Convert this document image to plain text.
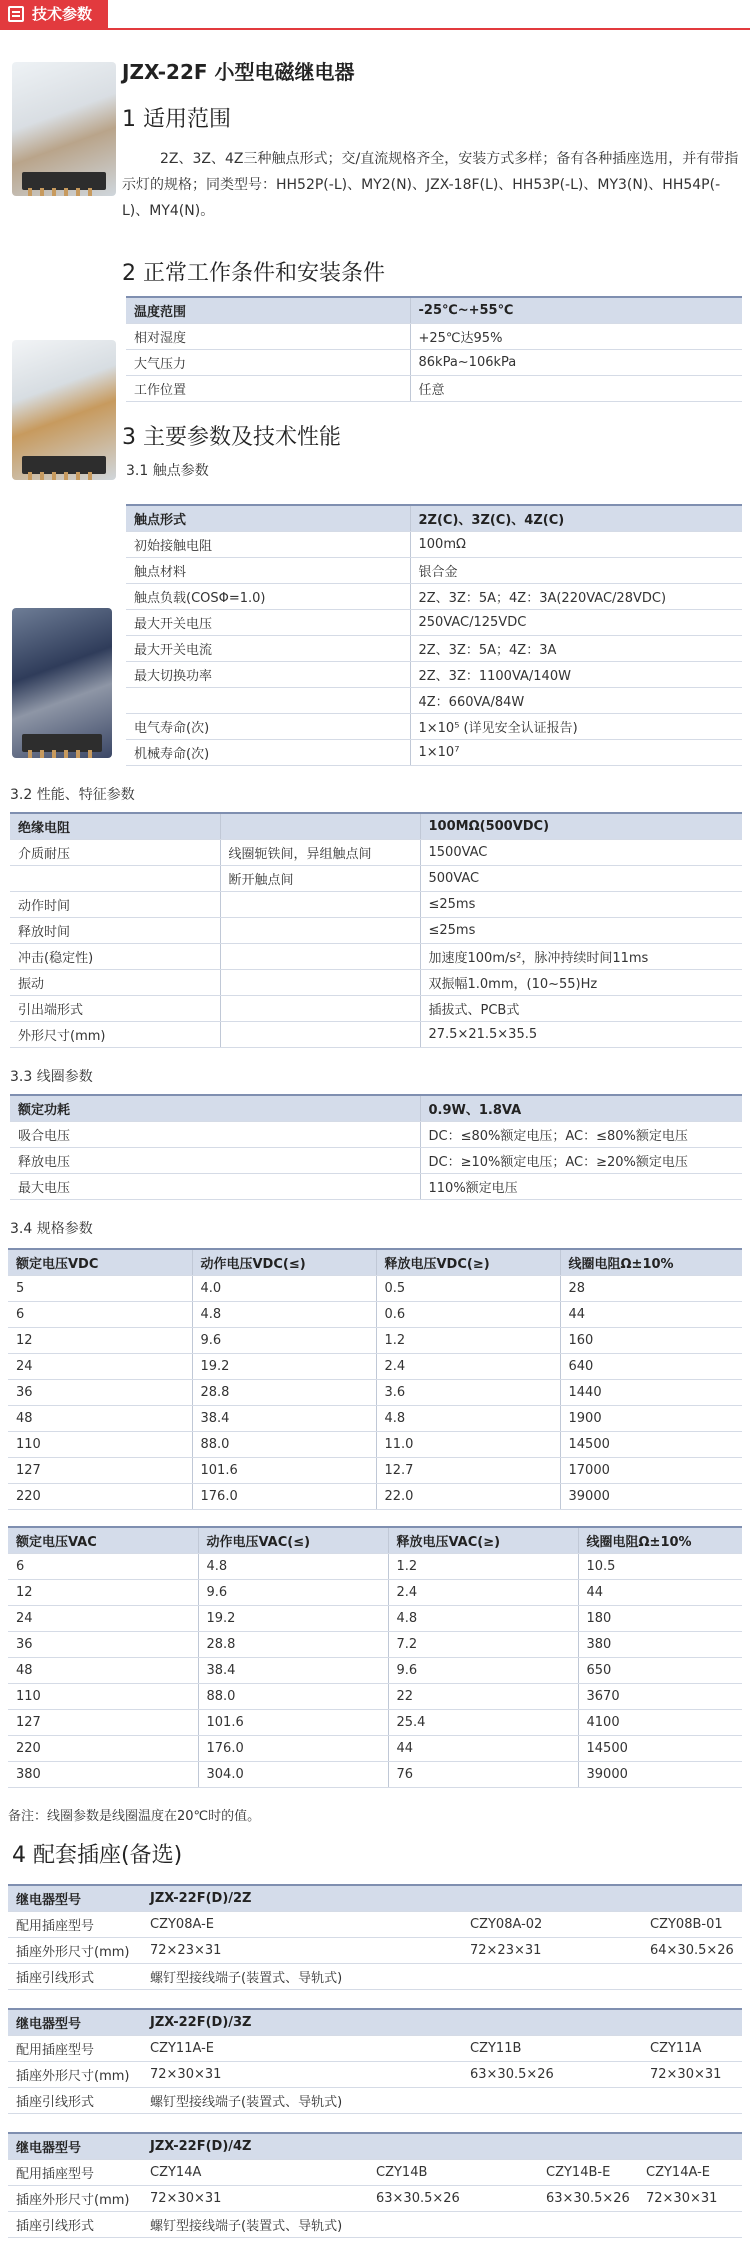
技术参数
JZX-22F 小型电磁继电器
1 适用范围
2Z、3Z、4Z三种触点形式；交/直流规格齐全，安装方式多样；备有各种插座选用，并有带指示灯的规格；同类型号：HH52P(-L)、MY2(N)、JZX-18F(L)、HH53P(-L)、MY3(N)、HH54P(-L)、MY4(N)。
2 正常工作条件和安装条件
温度范围	-25℃~+55℃
相对湿度	+25℃达95%
大气压力	86kPa~106kPa
工作位置	任意
3 主要参数及技术性能
3.1 触点参数
触点形式	2Z(C)、3Z(C)、4Z(C)
初始接触电阻	100mΩ
触点材料	银合金
触点负载(COSΦ=1.0)	2Z、3Z：5A；4Z：3A(220VAC/28VDC)
最大开关电压	250VAC/125VDC
最大开关电流	2Z、3Z：5A；4Z：3A
最大切换功率	2Z、3Z：1100VA/140W
	4Z：660VA/84W
电气寿命(次)	1×10⁵ (详见安全认证报告)
机械寿命(次)	1×10⁷
3.2 性能、特征参数
绝缘电阻		100MΩ(500VDC)
介质耐压	线圈轭铁间，异组触点间	1500VAC
	断开触点间	500VAC
动作时间		≤25ms
释放时间		≤25ms
冲击(稳定性)		加速度100m/s²，脉冲持续时间11ms
振动		双振幅1.0mm，(10~55)Hz
引出端形式		插拔式、PCB式
外形尺寸(mm)		27.5×21.5×35.5
3.3 线圈参数
额定功耗	0.9W、1.8VA
吸合电压	DC：≤80%额定电压；AC：≤80%额定电压
释放电压	DC：≥10%额定电压；AC：≥20%额定电压
最大电压	110%额定电压
3.4 规格参数
额定电压VDC	动作电压VDC(≤)	释放电压VDC(≥)	线圈电阻Ω±10%
5	4.0	0.5	28
6	4.8	0.6	44
12	9.6	1.2	160
24	19.2	2.4	640
36	28.8	3.6	1440
48	38.4	4.8	1900
110	88.0	11.0	14500
127	101.6	12.7	17000
220	176.0	22.0	39000
额定电压VAC	动作电压VAC(≤)	释放电压VAC(≥)	线圈电阻Ω±10%
6	4.8	1.2	10.5
12	9.6	2.4	44
24	19.2	4.8	180
36	28.8	7.2	380
48	38.4	9.6	650
110	88.0	22	3670
127	101.6	25.4	4100
220	176.0	44	14500
380	304.0	76	39000
备注：线圈参数是线圈温度在20℃时的值。
4 配套插座(备选)
继电器型号	JZX-22F(D)/2Z		
配用插座型号	CZY08A-E	CZY08A-02	CZY08B-01
插座外形尺寸(mm)	72×23×31	72×23×31	64×30.5×26
插座引线形式	螺钉型接线端子(装置式、导轨式)		
继电器型号	JZX-22F(D)/3Z		
配用插座型号	CZY11A-E	CZY11B	CZY11A
插座外形尺寸(mm)	72×30×31	63×30.5×26	72×30×31
插座引线形式	螺钉型接线端子(装置式、导轨式)		
继电器型号	JZX-22F(D)/4Z			
配用插座型号	CZY14A	CZY14B	CZY14B-E	CZY14A-E
插座外形尺寸(mm)	72×30×31	63×30.5×26	63×30.5×26	72×30×31
插座引线形式	螺钉型接线端子(装置式、导轨式)			
